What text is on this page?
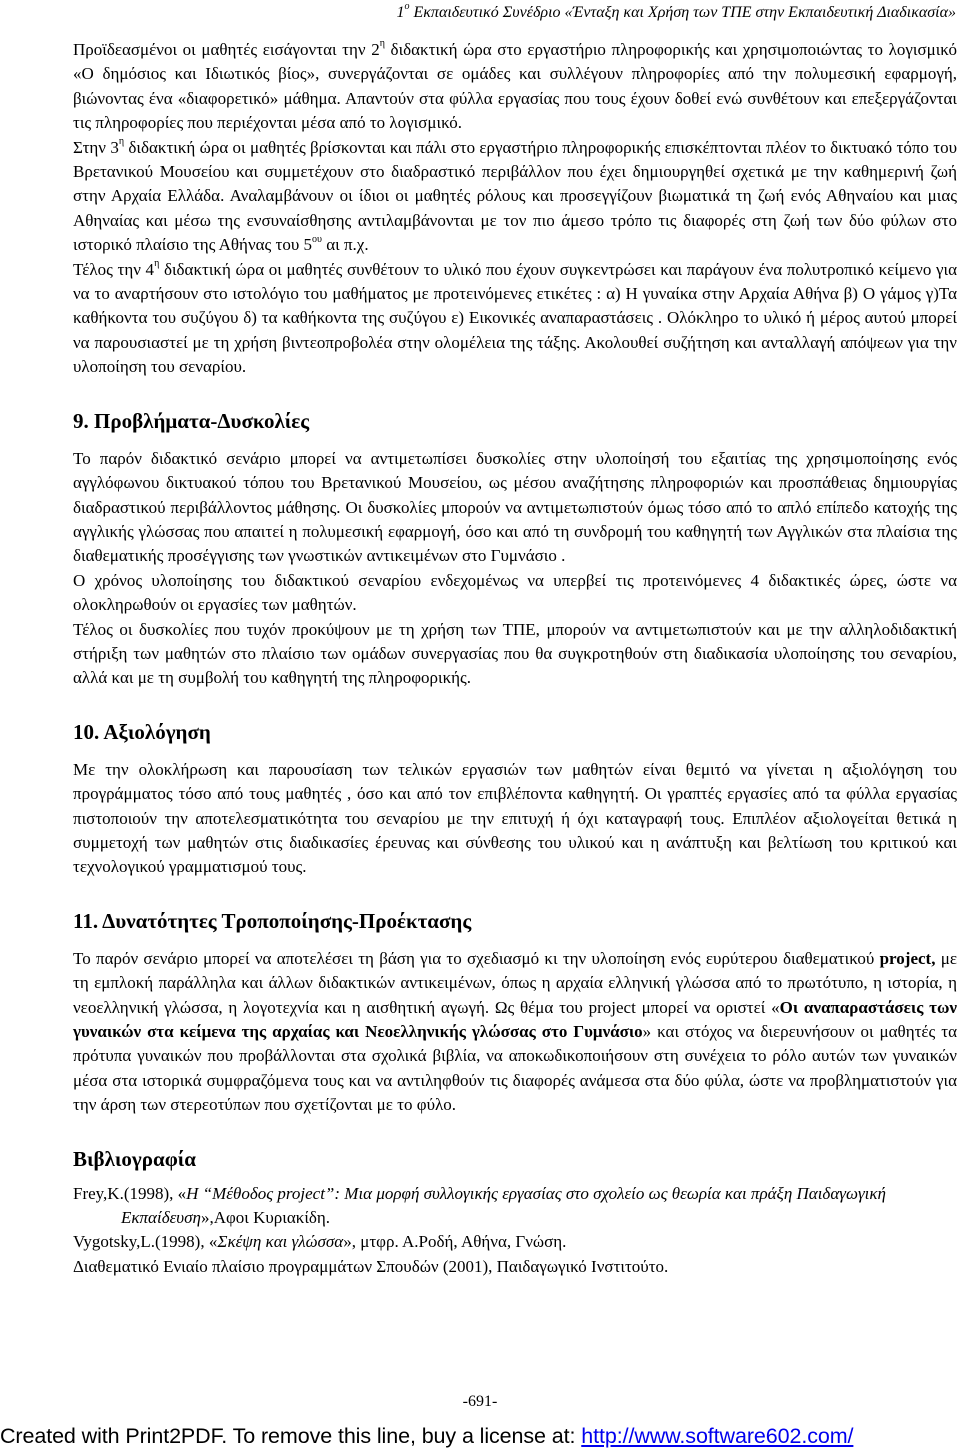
$1^o$ Εκπαιδευτικό Συνέδριο «Ένταξη και Χρήση των ΤΠΕ στην Εκπαιδευτική Διαδικασία»

Προϊδεασμένοι οι μαθητές εισάγονται την $2^\eta$ διδακτική ώρα στο εργαστήριο πληροφορικής και χρησιμοποιώντας το λογισμικό «Ο δημόσιος και Ιδιωτικός βίος», συνεργάζονται σε ομάδες και συλλέγουν πληροφορίες από την πολυμεσική εφαρμογή, βιώνοντας ένα «διαφορετικό» μάθημα. Απαντούν στα φύλλα εργασίας που τους έχουν δοθεί ενώ συνθέτουν και επεξεργάζονται τις πληροφορίες που περιέχονται μέσα από το λογισμικό.

Στην $3^\eta$ διδακτική ώρα οι μαθητές βρίσκονται και πάλι στο εργαστήριο πληροφορικής επισκέπτονται πλέον το δικτυακό τόπο του Βρετανικού Μουσείου και συμμετέχουν στο διαδραστικό περιβάλλον που έχει δημιουργηθεί σχετικά με την καθημερινή ζωή στην Αρχαία Ελλάδα. Αναλαμβάνουν οι ίδιοι οι μαθητές ρόλους και προσεγγίζουν βιωματικά τη ζωή ενός Αθηναίου και μιας Αθηναίας και μέσω της ενσυναίσθησης αντιλαμβάνονται με τον πιο άμεσο τρόπο τις διαφορές στη ζωή των δύο φύλων στο ιστορικό πλαίσιο της Αθήνας του $5^{o\upsilon}$ αι π.χ.

Τέλος την $4^\eta$ διδακτική ώρα οι μαθητές συνθέτουν το υλικό που έχουν συγκεντρώσει και παράγουν ένα πολυτροπικό κείμενο για να το αναρτήσουν στο ιστολόγιο του μαθήματος με προτεινόμενες ετικέτες : α) Η γυναίκα στην Αρχαία Αθήνα β) Ο γάμος γ)Τα καθήκοντα του συζύγου δ) τα καθήκοντα της συζύγου ε) Εικονικές αναπαραστάσεις . Ολόκληρο το υλικό ή μέρος αυτού μπορεί να παρουσιαστεί με τη χρήση βιντεοπροβολέα στην ολομέλεια της τάξης. Ακολουθεί συζήτηση και ανταλλαγή απόψεων για την υλοποίηση του σεναρίου.

9. Προβλήματα-Δυσκολίες

Το παρόν διδακτικό σενάριο μπορεί να αντιμετωπίσει δυσκολίες στην υλοποίησή του εξαιτίας της χρησιμοποίησης ενός αγγλόφωνου δικτυακού τόπου του Βρετανικού Μουσείου, ως μέσου αναζήτησης πληροφοριών και προσπάθειας δημιουργίας διαδραστικού περιβάλλοντος μάθησης. Οι δυσκολίες μπορούν να αντιμετωπιστούν όμως τόσο από το απλό επίπεδο κατοχής της αγγλικής γλώσσας που απαιτεί η πολυμεσική εφαρμογή, όσο και από τη συνδρομή του καθηγητή των Αγγλικών στα πλαίσια της διαθεματικής προσέγγισης των γνωστικών αντικειμένων στο Γυμνάσιο .

Ο χρόνος υλοποίησης του διδακτικού σεναρίου ενδεχομένως να υπερβεί τις προτεινόμενες 4 διδακτικές ώρες, ώστε να ολοκληρωθούν οι εργασίες των μαθητών.

Τέλος οι δυσκολίες που τυχόν προκύψουν με τη χρήση των ΤΠΕ, μπορούν να αντιμετωπιστούν και με την αλληλοδιδακτική στήριξη των μαθητών στο πλαίσιο των ομάδων συνεργασίας που θα συγκροτηθούν στη διαδικασία υλοποίησης του σεναρίου, αλλά και με τη συμβολή του καθηγητή της πληροφορικής.

10. Αξιολόγηση

Με την ολοκλήρωση και παρουσίαση των τελικών εργασιών των μαθητών είναι θεμιτό να γίνεται η αξιολόγηση του προγράμματος τόσο από τους μαθητές , όσο και από τον επιβλέποντα καθηγητή. Οι γραπτές εργασίες από τα φύλλα εργασίας πιστοποιούν την αποτελεσματικότητα του σεναρίου με την επιτυχή ή όχι καταγραφή τους. Επιπλέον αξιολογείται θετικά η συμμετοχή των μαθητών στις διαδικασίες έρευνας και σύνθεσης του υλικού και η ανάπτυξη και βελτίωση του κριτικού και τεχνολογικού γραμματισμού τους.

11. Δυνατότητες Τροποποίησης-Προέκτασης

Το παρόν σενάριο μπορεί να αποτελέσει τη βάση για το σχεδιασμό κι την υλοποίηση ενός ευρύτερου διαθεματικού project, με τη εμπλοκή παράλληλα και άλλων διδακτικών αντικειμένων, όπως η αρχαία ελληνική γλώσσα από το πρωτότυπο, η ιστορία, η νεοελληνική γλώσσα, η λογοτεχνία και η αισθητική αγωγή. Ως θέμα του project μπορεί να οριστεί «Οι αναπαραστάσεις των γυναικών στα κείμενα της αρχαίας και Νεοελληνικής γλώσσας στο Γυμνάσιο» και στόχος να διερευνήσουν οι μαθητές τα πρότυπα γυναικών που προβάλλονται στα σχολικά βιβλία, να αποκωδικοποιήσουν στη συνέχεια το ρόλο αυτών των γυναικών μέσα στα ιστορικά συμφραζόμενα τους και να αντιληφθούν τις διαφορές ανάμεσα στα δύο φύλα, ώστε να προβληματιστούν για την άρση των στερεοτύπων που σχετίζονται με το φύλο.

Βιβλιογραφία

Frey,K.(1998), «Η “Μέθοδος project”: Μια μορφή συλλογικής εργασίας στο σχολείο ως θεωρία και πράξη Παιδαγωγική Εκπαίδευση»,Αφοι Κυριακίδη.

Vygotsky,L.(1998), «Σκέψη και γλώσσα», μτφρ. Α.Ροδή, Αθήνα, Γνώση.

Διαθεματικό Ενιαίο πλαίσιο προγραμμάτων Σπουδών (2001), Παιδαγωγικό Ινστιτούτο.

-691-
Created with Print2PDF. To remove this line, buy a license at: http://www.software602.com/
